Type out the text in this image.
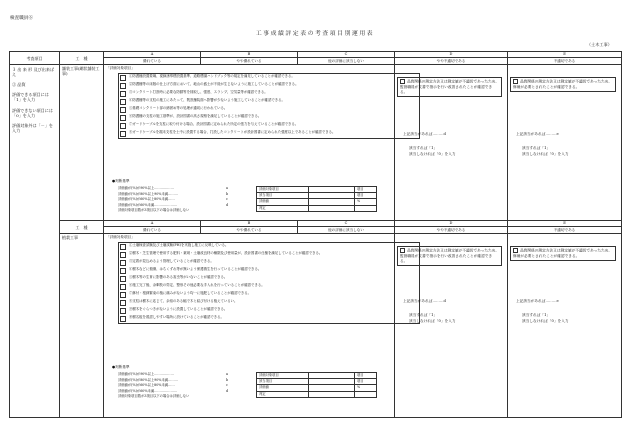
検査職員⑥
工事成績評定表の考査項目別運用表
（土木工事）
考査項目	工　種	A	B	C	D	E
優れている	やや優れている	他の評価に該当しない	やや不適切である	不適切である

３ 出 来 形 及び出来ばえ

② 品質

評価できる項目には「1」を入力

評価できない項目には「0」を入力

評価対象外は「－」を入力

	舗装工事(網状舗装工事)	
「評価対象項目」
①防護柵設置要綱、視線誘導標設置基準、道路標識ハンドブック等の規定を満足していることが確認できる。
②防護柵等の床版の仕上げ方面において、地山の盛土が不陸が生じないように施工していることが確認できる。
③コンクリート打設時に必要な防錆等を採取し、強度、スランプ、空気量等が確認できる。
④防護柵等の支柱の施工にあたって、既設舗装面へ影響が少ないよう施工していることが確認できる。
⑤基礎コンクリート部の締固め等の処理が適切に行われている。
⑥防護柵の支柱の施工基準が、設計図書の高さ規格を満足していることが確認できる。
⑦ガードケーブルを支柱に取り付ける場合、設計図書に定められた所定の張力を与えていることが確認できる。
⑧ガードケーブルを端末支柱を土中に設置する場合、打設したコンクリートが設計図書に定められた強度以上であることが確認できる。
●判断基準
評価値が(%)が90%以上………………	a
評価値が(%)が80%以上90%未満………	b
評価値が(%)が60%以上80%未満……	c
評価値が(%)が60%未満…………………	d
評価対象項目数が3項目以下の場合は評価しない
評価対象項目		項目
該当項目		項目
評価値		%
判定		

品質関係の測定方法又は測定値が不適切であったため、監督職員が文書で指示を行い改善されたことが確認できる。
上記該当があれば………d
該当すれば「1」
該当しなければ「0」を入力

品質関係の測定方法又は測定値が不適切であったため、修補が必要とされたことが確認できる。
上記該当があれば………e
該当すれば「1」
該当しなければ「0」を入力

工　種	A	B	C	D	E
優れている	やや優れている	他の評価に該当しない	やや不適切である	不適切である
植栽工事	「評価対象項目」
①土壌検査試験及び土壌試験(PH)を実施し施工に反映している。
②樹木・芝生管理で使用する肥料・薬剤・土壌改良材の種類及び使用量が、設計図書の仕様を満足していることが確認できる。
③定着が見込めるよう管理していることが確認できる。
④樹木などに損傷、はちくずれ等が無いよう保護養生を行っていることが確認できる。
⑤樹木等の生育に影響のある害虫等がいないことが確認できる。
⑥施工完了後、余剰枝の剪定、整形その他必要な手入れを行っていることが確認できる。
⑦鉢付・根鉢緊束の植に痛みがないよう均一に施肥していることが確認できる。
⑧支柱は樹木に応じて、余裕のある幅で木と結び付ける植えているい。
⑨樹木をぐらつきがないように設置していることが確認できる。
⑩樹名板を視認しやすい場所に設けていることが確認できる。
●判断基準
評価値が(%)が90%以上………………	a
評価値が(%)が80%以上90%未満………	b
評価値が(%)が60%以上80%未満……	c
評価値が(%)が60%未満…………………	d
評価対象項目数が3項目以下の場合は評価しない
評価対象項目		項目
該当項目		項目
評価値		%
判定		

品質関係の測定方法又は測定値が不適切であったため、監督職員が文書で指示を行い改善されたことが確認できる。
上記該当があれば………d
該当すれば「1」
該当しなければ「0」を入力

品質関係の測定方法又は測定値が不適切であったため、修補が必要とされたことが確認できる。
上記該当があれば………e
該当すれば「1」
該当しなければ「0」を入力
